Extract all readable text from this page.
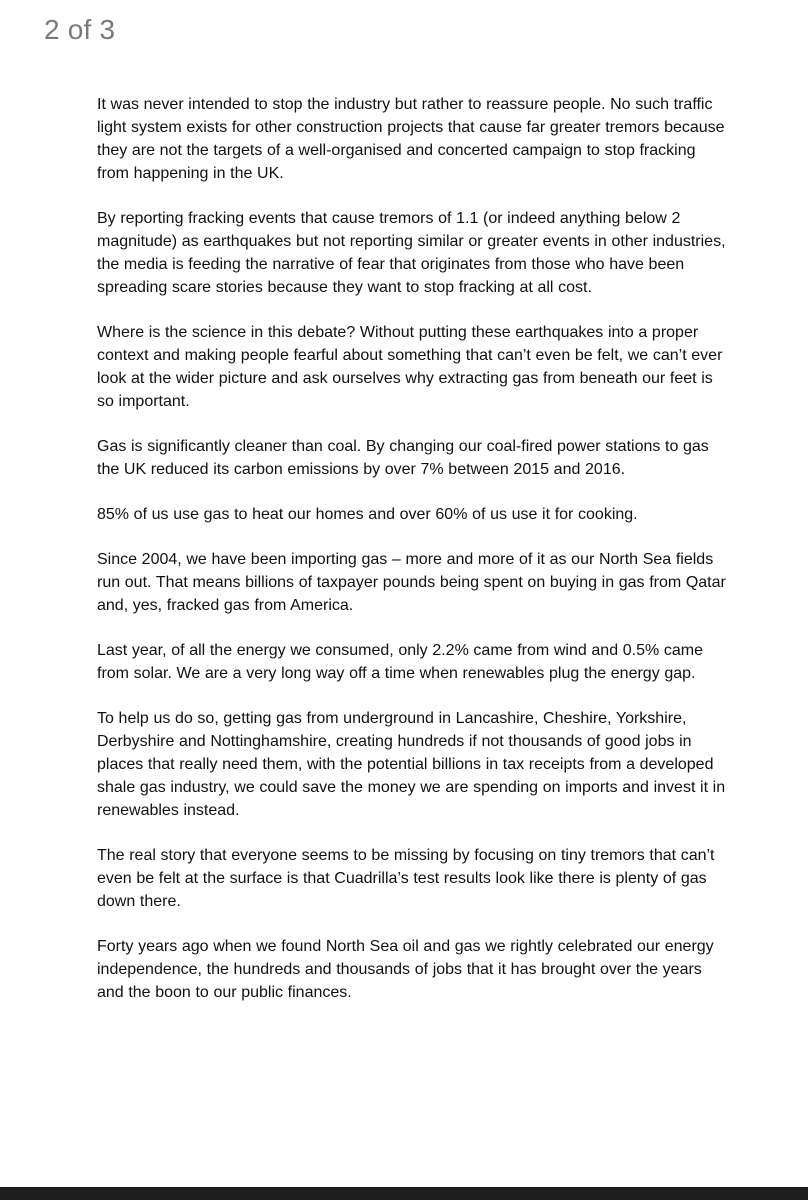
2 of 3

It was never intended to stop the industry but rather to reassure people. No such traffic light system exists for other construction projects that cause far greater tremors because they are not the targets of a well-organised and concerted campaign to stop fracking from happening in the UK.

By reporting fracking events that cause tremors of 1.1 (or indeed anything below 2 magnitude) as earthquakes but not reporting similar or greater events in other industries, the media is feeding the narrative of fear that originates from those who have been spreading scare stories because they want to stop fracking at all cost.

Where is the science in this debate? Without putting these earthquakes into a proper context and making people fearful about something that can’t even be felt, we can’t ever look at the wider picture and ask ourselves why extracting gas from beneath our feet is so important.

Gas is significantly cleaner than coal. By changing our coal-fired power stations to gas the UK reduced its carbon emissions by over 7% between 2015 and 2016.

85% of us use gas to heat our homes and over 60% of us use it for cooking.

Since 2004, we have been importing gas – more and more of it as our North Sea fields run out. That means billions of taxpayer pounds being spent on buying in gas from Qatar and, yes, fracked gas from America.

Last year, of all the energy we consumed, only 2.2% came from wind and 0.5% came from solar. We are a very long way off a time when renewables plug the energy gap.

To help us do so, getting gas from underground in Lancashire, Cheshire, Yorkshire, Derbyshire and Nottinghamshire, creating hundreds if not thousands of good jobs in places that really need them, with the potential billions in tax receipts from a developed shale gas industry, we could save the money we are spending on imports and invest it in renewables instead.

The real story that everyone seems to be missing by focusing on tiny tremors that can’t even be felt at the surface is that Cuadrilla’s test results look like there is plenty of gas down there.

Forty years ago when we found North Sea oil and gas we rightly celebrated our energy independence, the hundreds and thousands of jobs that it has brought over the years and the boon to our public finances.
